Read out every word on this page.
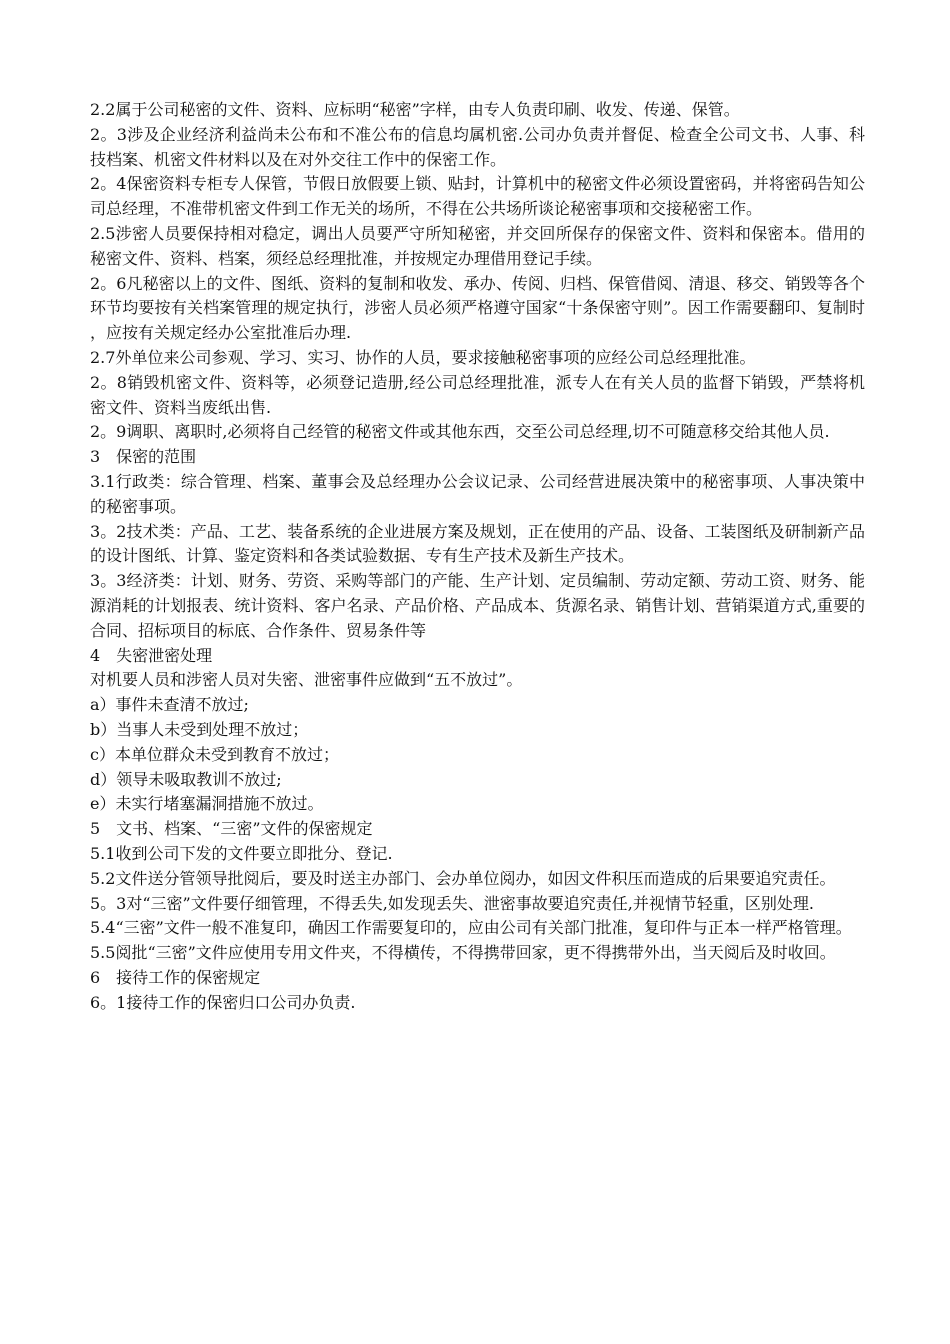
2.2属于公司秘密的文件、资料、应标明“秘密”字样，由专人负责印刷、收发、传递、保管。

2。3涉及企业经济利益尚未公布和不准公布的信息均属机密.公司办负责并督促、检查全公司文书、人事、科技档案、机密文件材料以及在对外交往工作中的保密工作。

2。4保密资料专柜专人保管，节假日放假要上锁、贴封，计算机中的秘密文件必须设置密码，并将密码告知公司总经理，不准带机密文件到工作无关的场所，不得在公共场所谈论秘密事项和交接秘密工作。

2.5涉密人员要保持相对稳定，调出人员要严守所知秘密，并交回所保存的保密文件、资料和保密本。借用的秘密文件、资料、档案，须经总经理批准，并按规定办理借用登记手续。

2。6凡秘密以上的文件、图纸、资料的复制和收发、承办、传阅、归档、保管借阅、清退、移交、销毁等各个环节均要按有关档案管理的规定执行，涉密人员必须严格遵守国家“十条保密守则”。因工作需要翻印、复制时，应按有关规定经办公室批准后办理.

2.7外单位来公司参观、学习、实习、协作的人员，要求接触秘密事项的应经公司总经理批准。

2。8销毁机密文件、资料等，必须登记造册,经公司总经理批准，派专人在有关人员的监督下销毁，严禁将机密文件、资料当废纸出售.

2。9调职、离职时,必须将自己经管的秘密文件或其他东西，交至公司总经理,切不可随意移交给其他人员.

3　保密的范围

3.1行政类：综合管理、档案、董事会及总经理办公会议记录、公司经营进展决策中的秘密事项、人事决策中的秘密事项。

3。2技术类：产品、工艺、装备系统的企业进展方案及规划，正在使用的产品、设备、工装图纸及研制新产品的设计图纸、计算、鉴定资料和各类试验数据、专有生产技术及新生产技术。

3。3经济类：计划、财务、劳资、采购等部门的产能、生产计划、定员编制、劳动定额、劳动工资、财务、能源消耗的计划报表、统计资料、客户名录、产品价格、产品成本、货源名录、销售计划、营销渠道方式,重要的合同、招标项目的标底、合作条件、贸易条件等

4　失密泄密处理

对机要人员和涉密人员对失密、泄密事件应做到“五不放过”。

a）事件未查清不放过;

b）当事人未受到处理不放过；

c）本单位群众未受到教育不放过；

d）领导未吸取教训不放过;

e）未实行堵塞漏洞措施不放过。

5　文书、档案、“三密”文件的保密规定

5.1收到公司下发的文件要立即批分、登记.

5.2文件送分管领导批阅后，要及时送主办部门、会办单位阅办，如因文件积压而造成的后果要追究责任。

5。3对“三密”文件要仔细管理，不得丢失,如发现丢失、泄密事故要追究责任,并视情节轻重，区别处理.

5.4“三密”文件一般不准复印，确因工作需要复印的，应由公司有关部门批准，复印件与正本一样严格管理。

5.5阅批“三密”文件应使用专用文件夹，不得横传，不得携带回家，更不得携带外出，当天阅后及时收回。

6　接待工作的保密规定

6。1接待工作的保密归口公司办负责.
